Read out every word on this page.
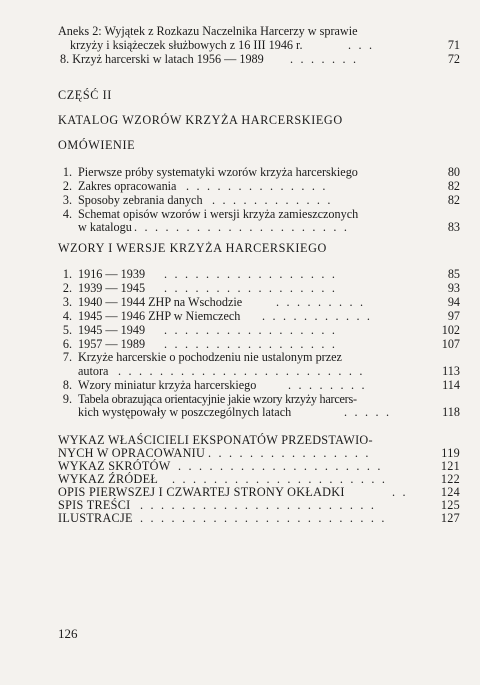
Aneks 2: Wyjątek z Rozkazu Naczelnika Harcerzy w sprawie
krzyży i książeczek służbowych z 16 III 1946 r.	. . .	71
8. Krzyż harcerski w latach 1956 — 1989 . . . . . . .	72
CZĘŚĆ II
KATALOG WZORÓW KRZYŻA HARCERSKIEGO
OMÓWIENIE
1. Pierwsze próby systematyki wzorów krzyża harcerskiego	80
2. Zakres opracowania . . . . . . . . . . . . . .	82
3. Sposoby zebrania danych . . . . . . . . . . . .	82
4. Schemat opisów wzorów i wersji krzyża zamieszczonych
w katalogu . . . . . . . . . . . . . . . . . . . . .	83
WZORY I WERSJE KRZYŻA HARCERSKIEGO
1. 1916 — 1939 . . . . . . . . . . . . . . . . .	85
2. 1939 — 1945 . . . . . . . . . . . . . . . . .	93
3. 1940 — 1944 ZHP na Wschodzie	. . . . . . . . .	94
4. 1945 — 1946 ZHP w Niemczech . . . . . . . . . . .	97
5. 1945 — 1949 . . . . . . . . . . . . . . . . .	102
6. 1957 — 1989 . . . . . . . . . . . . . . . . .	107
7. Krzyże harcerskie o pochodzeniu nie ustalonym przez
autora . . . . . . . . . . . . . . . . . . . . . . . .	113
8. Wzory miniatur krzyża harcerskiego	. . . . . . . .	114
9. Tabela obrazująca orientacyjnie jakie wzory krzyży harcers-
kich występowały w poszczególnych latach	. . . . .	118
WYKAZ WŁAŚCICIELI EKSPONATÓW PRZEDSTAWIO-
NYCH W OPRACOWANIU . . . . . . . . . . . . . . . .	119
WYKAZ SKRÓTÓW . . . . . . . . . . . . . . . . . . . .	121
WYKAZ ŹRÓDEŁ . . . . . . . . . . . . . . . . . . . . .	122
OPIS PIERWSZEJ I CZWARTEJ STRONY OKŁADKI	. .	124
SPIS TREŚCI . . . . . . . . . . . . . . . . . . . . . . .	125
ILUSTRACJE . . . . . . . . . . . . . . . . . . . . . . . .	127
126
